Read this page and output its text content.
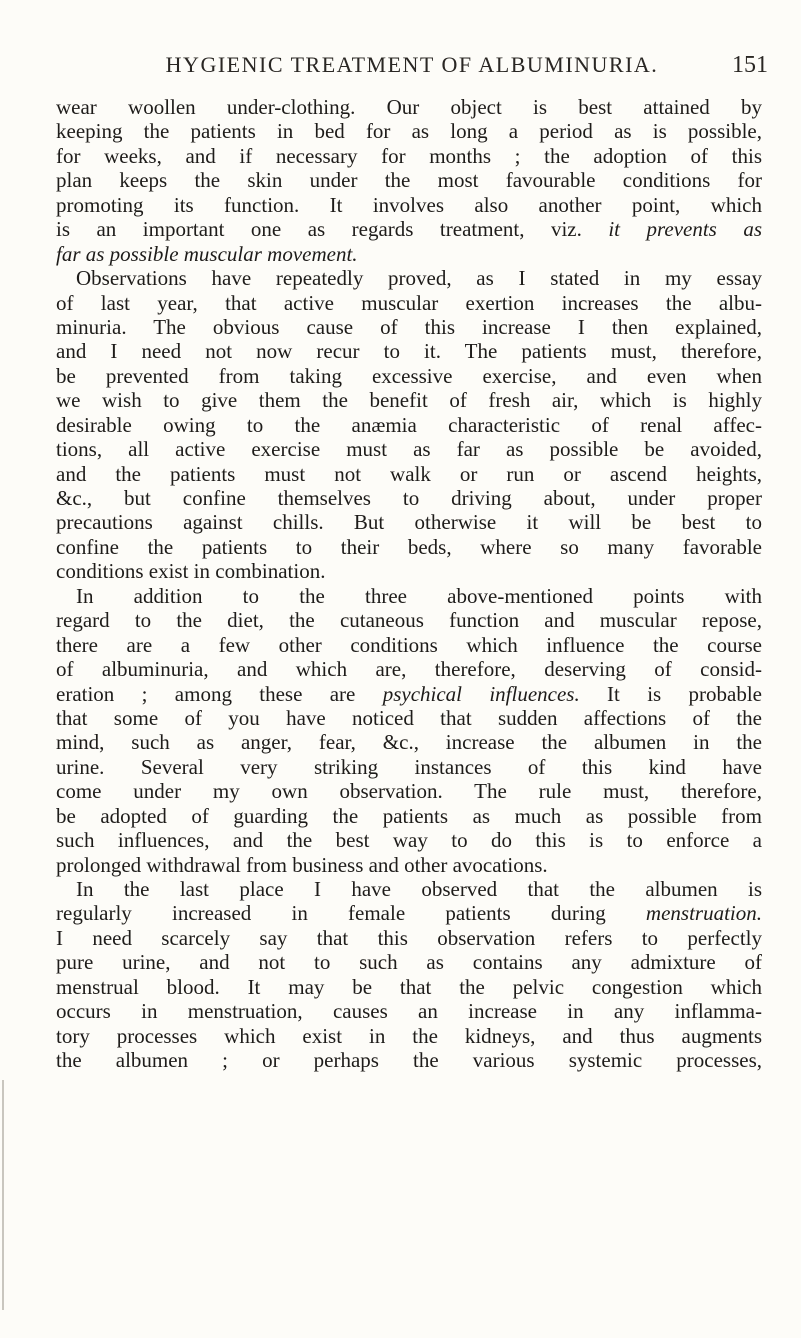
HYGIENIC TREATMENT OF ALBUMINURIA.	151
wear woollen under-clothing. Our object is best attained by
keeping the patients in bed for as long a period as is possible,
for weeks, and if necessary for months ; the adoption of this
plan keeps the skin under the most favourable conditions for
promoting its function. It involves also another point, which
is an important one as regards treatment, viz. it prevents as
far as possible muscular movement.
Observations have repeatedly proved, as I stated in my essay
of last year, that active muscular exertion increases the albu-
minuria. The obvious cause of this increase I then explained,
and I need not now recur to it. The patients must, therefore,
be prevented from taking excessive exercise, and even when
we wish to give them the benefit of fresh air, which is highly
desirable owing to the anæmia characteristic of renal affec-
tions, all active exercise must as far as possible be avoided,
and the patients must not walk or run or ascend heights,
&c., but confine themselves to driving about, under proper
precautions against chills. But otherwise it will be best to
confine the patients to their beds, where so many favorable
conditions exist in combination.
In addition to the three above-mentioned points with
regard to the diet, the cutaneous function and muscular repose,
there are a few other conditions which influence the course
of albuminuria, and which are, therefore, deserving of consid-
eration ; among these are psychical influences. It is probable
that some of you have noticed that sudden affections of the
mind, such as anger, fear, &c., increase the albumen in the
urine. Several very striking instances of this kind have
come under my own observation. The rule must, therefore,
be adopted of guarding the patients as much as possible from
such influences, and the best way to do this is to enforce a
prolonged withdrawal from business and other avocations.
In the last place I have observed that the albumen is
regularly increased in female patients during menstruation.
I need scarcely say that this observation refers to perfectly
pure urine, and not to such as contains any admixture of
menstrual blood. It may be that the pelvic congestion which
occurs in menstruation, causes an increase in any inflamma-
tory processes which exist in the kidneys, and thus augments
the albumen ; or perhaps the various systemic processes,
